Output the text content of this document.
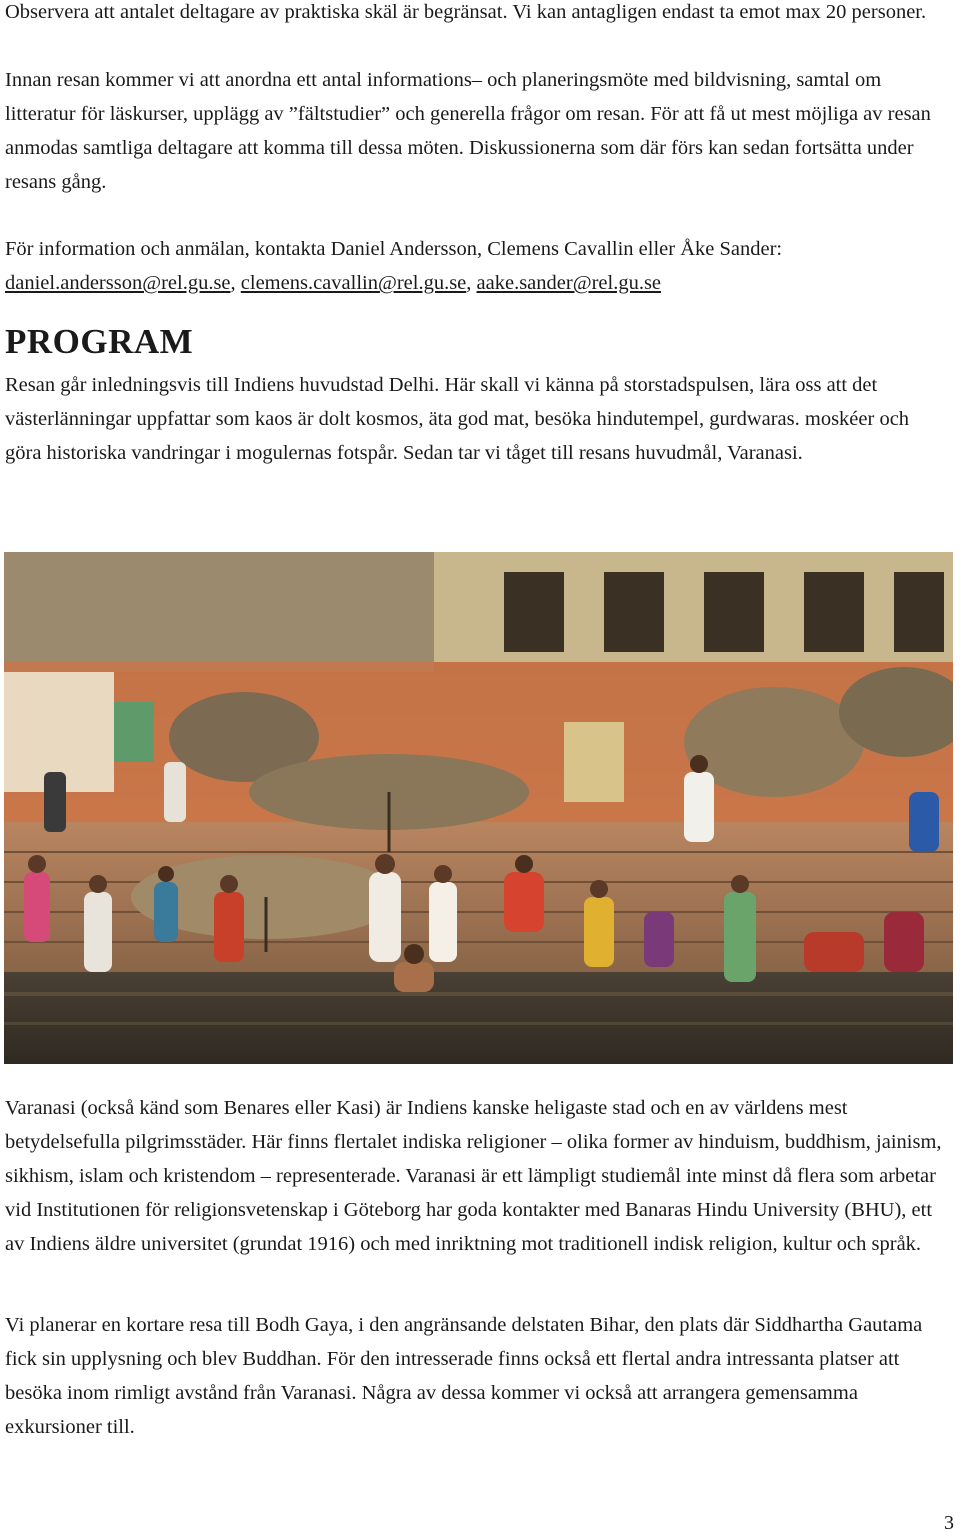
Observera att antalet deltagare av praktiska skäl är begränsat. Vi kan antagligen endast ta emot max 20 personer.

Innan resan kommer vi att anordna ett antal informations– och planeringsmöte med bildvisning, samtal om litteratur för läskurser, upplägg av ”fältstudier” och generella frågor om resan. För att få ut mest möjliga av resan anmodas samtliga deltagare att komma till dessa möten. Diskussionerna som där förs kan sedan fortsätta under resans gång.

För information och anmälan, kontakta Daniel Andersson, Clemens Cavallin eller Åke Sander:
daniel.andersson@rel.gu.se, clemens.cavallin@rel.gu.se, aake.sander@rel.gu.se

PROGRAM

Resan går inledningsvis till Indiens huvudstad Delhi. Här skall vi känna på storstadspulsen, lära oss att det västerlänningar uppfattar som kaos är dolt kosmos, äta god mat, besöka hindutempel, gurdwaras. moskéer och göra historiska vandringar i mogulernas fotspår. Sedan tar vi tåget till resans huvudmål, Varanasi.

Varanasi (också känd som Benares eller Kasi) är Indiens kanske heligaste stad och en av världens mest betydelsefulla pilgrimsstäder. Här finns flertalet indiska religioner – olika former av hinduism, buddhism, jainism, sikhism, islam och kristendom – representerade. Varanasi är ett lämpligt studiemål inte minst då flera som arbetar vid Institutionen för religionsvetenskap i Göteborg har goda kontakter med Banaras Hindu University (BHU), ett av Indiens äldre universitet (grundat 1916) och med inriktning mot traditionell indisk religion, kultur och språk.

Vi planerar en kortare resa till Bodh Gaya, i den angränsande delstaten Bihar, den plats där Siddhartha Gautama fick sin upplysning och blev Buddhan. För den intresserade finns också ett flertal andra intressanta platser att besöka inom rimligt avstånd från Varanasi. Några av dessa kommer vi också att arrangera gemensamma exkursioner till.

3
